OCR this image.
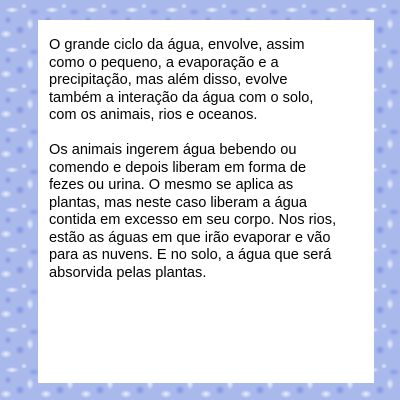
O grande ciclo da água, envolve, assim
como o pequeno, a evaporação e a
precipitação, mas além disso, evolve
também a interação da água com o solo,
com os animais, rios e oceanos.

Os animais ingerem água bebendo ou
comendo e depois liberam em forma de
fezes ou urina. O mesmo se aplica as
plantas, mas neste caso liberam a água
contida em excesso em seu corpo. Nos rios,
estão as águas em que irão evaporar e vão
para as nuvens. E no solo, a água que será
absorvida pelas plantas.
